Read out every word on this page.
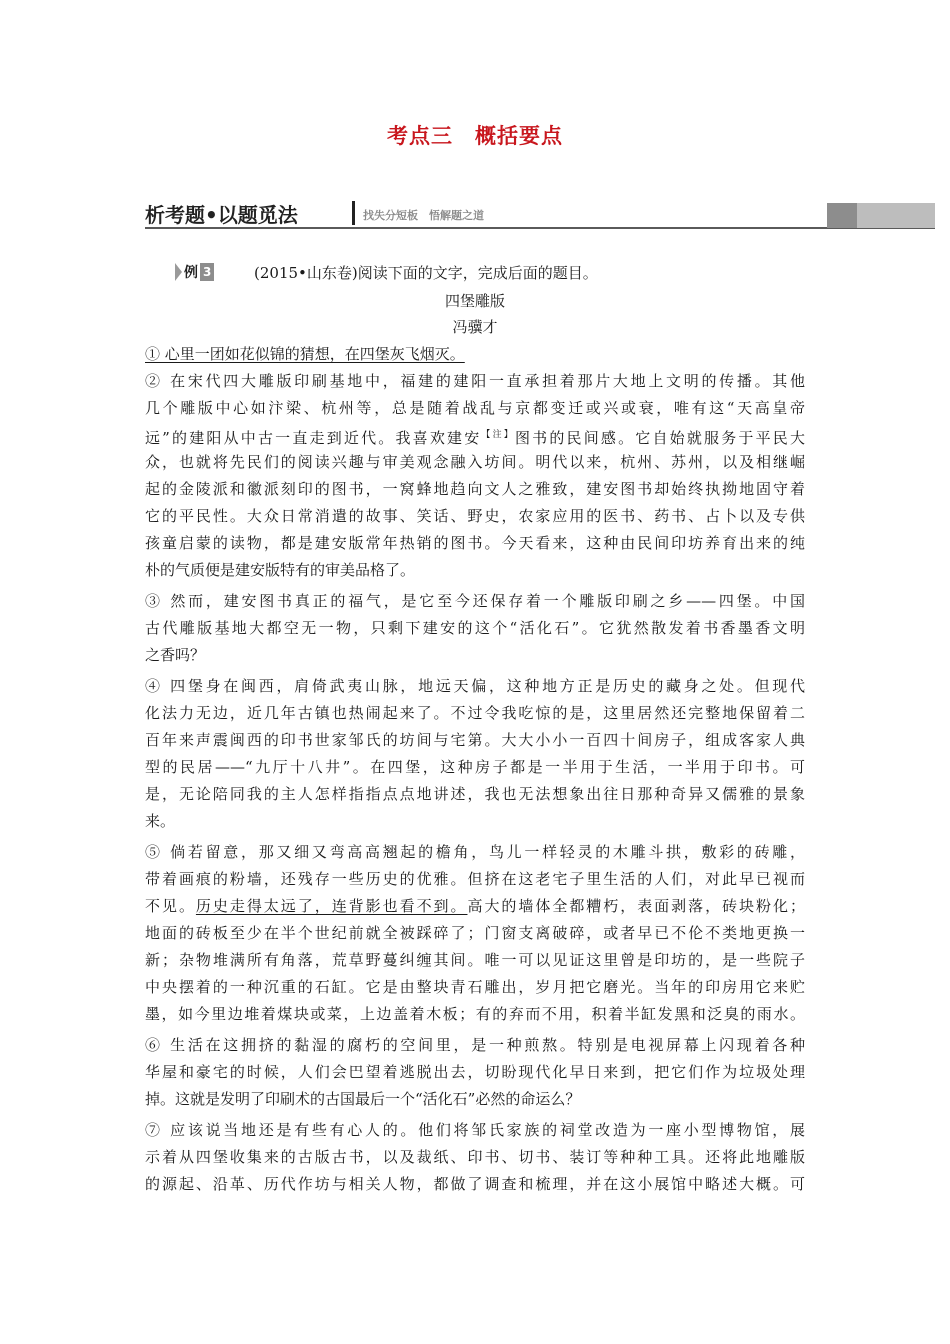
考点三　概括要点
析考题•以题觅法	找失分短板　悟解题之道
例 3	(2015•山东卷)阅读下面的文字，完成后面的题目。
四堡雕版
冯骥才
① 心里一团如花似锦的猜想，在四堡灰飞烟灭。
② 在宋代四大雕版印刷基地中，福建的建阳一直承担着那片大地上文明的传播。其他
几个雕版中心如汴梁、杭州等，总是随着战乱与京都变迁或兴或衰，唯有这“天高皇帝
远”的建阳从中古一直走到近代。我喜欢建安$^{【注】}$图书的民间感。它自始就服务于平民大
众，也就将先民们的阅读兴趣与审美观念融入坊间。明代以来，杭州、苏州，以及相继崛
起的金陵派和徽派刻印的图书，一窝蜂地趋向文人之雅致，建安图书却始终执拗地固守着
它的平民性。大众日常消遣的故事、笑话、野史，农家应用的医书、药书、占卜以及专供
孩童启蒙的读物，都是建安版常年热销的图书。今天看来，这种由民间印坊养育出来的纯
朴的气质便是建安版特有的审美品格了。
③ 然而，建安图书真正的福气，是它至今还保存着一个雕版印刷之乡——四堡。中国
古代雕版基地大都空无一物，只剩下建安的这个“活化石”。它犹然散发着书香墨香文明
之香吗？
④ 四堡身在闽西，肩倚武夷山脉，地远天偏，这种地方正是历史的藏身之处。但现代
化法力无边，近几年古镇也热闹起来了。不过令我吃惊的是，这里居然还完整地保留着二
百年来声震闽西的印书世家邹氏的坊间与宅第。大大小小一百四十间房子，组成客家人典
型的民居——“九厅十八井”。在四堡，这种房子都是一半用于生活，一半用于印书。可
是，无论陪同我的主人怎样指指点点地讲述，我也无法想象出往日那种奇异又儒雅的景象
来。
⑤ 倘若留意，那又细又弯高高翘起的檐角，鸟儿一样轻灵的木雕斗拱，敷彩的砖雕，
带着画痕的粉墙，还残存一些历史的优雅。但挤在这老宅子里生活的人们，对此早已视而
不见。历史走得太远了，连背影也看不到。高大的墙体全都糟朽，表面剥落，砖块粉化；
地面的砖板至少在半个世纪前就全被踩碎了；门窗支离破碎，或者早已不伦不类地更换一
新；杂物堆满所有角落，荒草野蔓纠缠其间。唯一可以见证这里曾是印坊的，是一些院子
中央摆着的一种沉重的石缸。它是由整块青石雕出，岁月把它磨光。当年的印房用它来贮
墨，如今里边堆着煤块或菜，上边盖着木板；有的弃而不用，积着半缸发黑和泛臭的雨水。
⑥ 生活在这拥挤的黏湿的腐朽的空间里，是一种煎熬。特别是电视屏幕上闪现着各种
华屋和豪宅的时候，人们会巴望着逃脱出去，切盼现代化早日来到，把它们作为垃圾处理
掉。这就是发明了印刷术的古国最后一个“活化石”必然的命运么？
⑦ 应该说当地还是有些有心人的。他们将邹氏家族的祠堂改造为一座小型博物馆，展
示着从四堡收集来的古版古书，以及裁纸、印书、切书、装订等种种工具。还将此地雕版
的源起、沿革、历代作坊与相关人物，都做了调查和梳理，并在这小展馆中略述大概。可
